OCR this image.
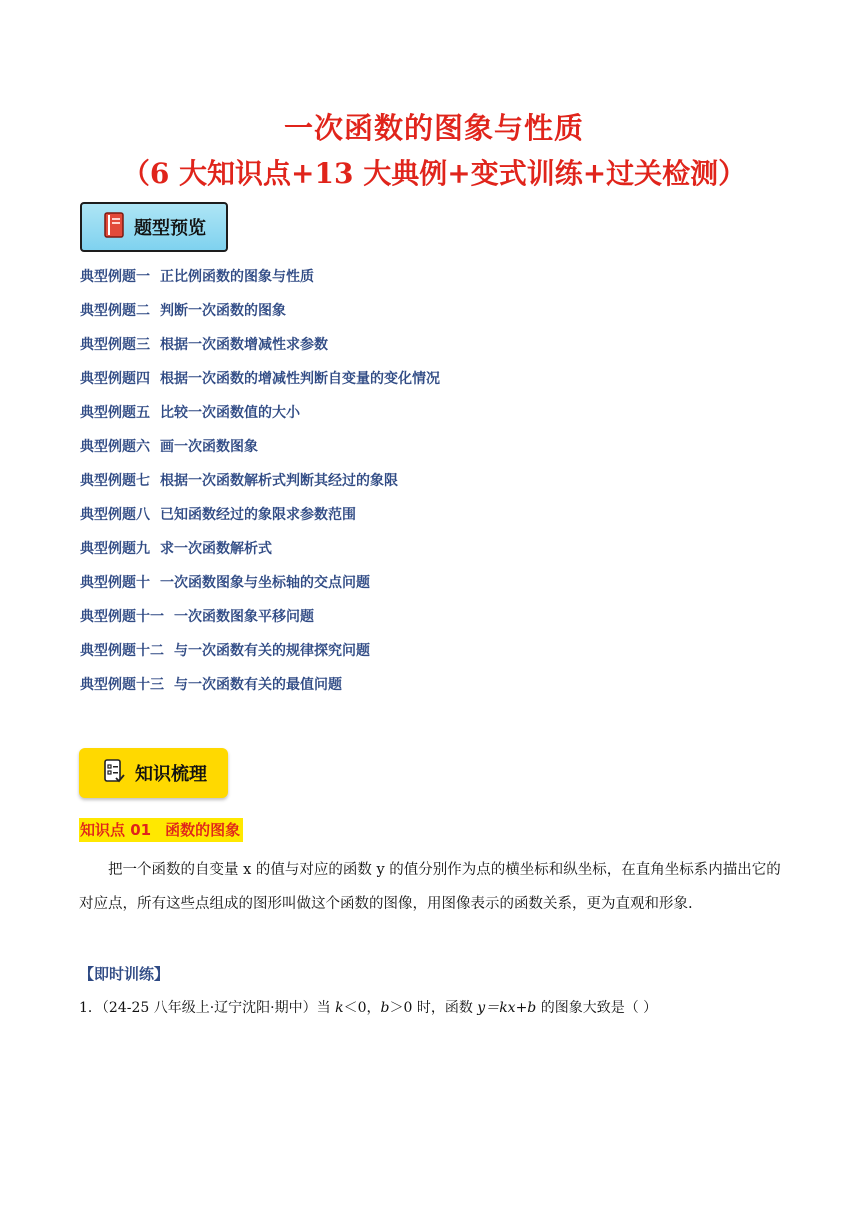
一次函数的图象与性质
（6 大知识点+13 大典例+变式训练+过关检测）
题型预览
典型例题一 正比例函数的图象与性质
典型例题二 判断一次函数的图象
典型例题三 根据一次函数增减性求参数
典型例题四 根据一次函数的增减性判断自变量的变化情况
典型例题五 比较一次函数值的大小
典型例题六 画一次函数图象
典型例题七 根据一次函数解析式判断其经过的象限
典型例题八 已知函数经过的象限求参数范围
典型例题九 求一次函数解析式
典型例题十 一次函数图象与坐标轴的交点问题
典型例题十一 一次函数图象平移问题
典型例题十二 与一次函数有关的规律探究问题
典型例题十三 与一次函数有关的最值问题
知识梳理
知识点 01 函数的图象
把一个函数的自变量 x 的值与对应的函数 y 的值分别作为点的横坐标和纵坐标，在直角坐标系内描出它的对应点，所有这些点组成的图形叫做这个函数的图像，用图像表示的函数关系，更为直观和形象.
【即时训练】
1．（24-25 八年级上·辽宁沈阳·期中）当 k＜0，b＞0 时，函数 y＝kx+b 的图象大致是（ ）
